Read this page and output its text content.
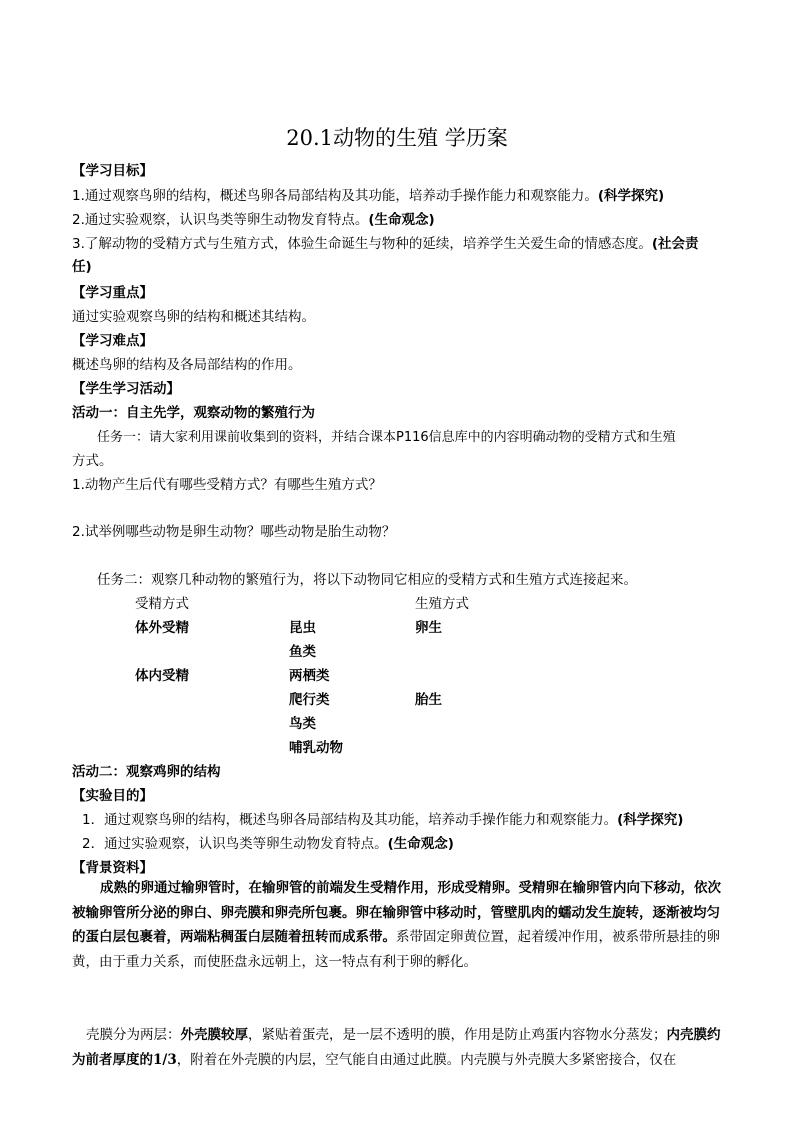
20.1动物的生殖 学历案
【学习目标】
1.通过观察鸟卵的结构，概述鸟卵各局部结构及其功能，培养动手操作能力和观察能力。(科学探究)
2.通过实验观察，认识鸟类等卵生动物发育特点。(生命观念)
3.了解动物的受精方式与生殖方式，体验生命诞生与物种的延续，培养学生关爱生命的情感态度。(社会责
任)
【学习重点】
通过实验观察鸟卵的结构和概述其结构。
【学习难点】
概述鸟卵的结构及各局部结构的作用。
【学生学习活动】
活动一：自主先学，观察动物的繁殖行为
任务一：请大家利用课前收集到的资料，并结合课本P116信息库中的内容明确动物的受精方式和生殖
方式。
1.动物产生后代有哪些受精方式？有哪些生殖方式？
2.试举例哪些动物是卵生动物？哪些动物是胎生动物？
任务二：观察几种动物的繁殖行为，将以下动物同它相应的受精方式和生殖方式连接起来。
受精方式	生殖方式
体外受精
体内受精
昆虫
鱼类
两栖类
爬行类
鸟类
哺乳动物
卵生
胎生
活动二：观察鸡卵的结构
【实验目的】
1．通过观察鸟卵的结构，概述鸟卵各局部结构及其功能，培养动手操作能力和观察能力。(科学探究)
2．通过实验观察，认识鸟类等卵生动物发育特点。(生命观念)
【背景资料】
成熟的卵通过输卵管时，在输卵管的前端发生受精作用，形成受精卵。受精卵在输卵管内向下移动，依次被输卵管所分泌的卵白、卵壳膜和卵壳所包裹。卵在输卵管中移动时，管壁肌肉的蠕动发生旋转，逐渐被均匀的蛋白层包裹着，两端粘稠蛋白层随着扭转而成系带。系带固定卵黄位置，起着缓冲作用，被系带所悬挂的卵黄，由于重力关系，而使胚盘永远朝上，这一特点有利于卵的孵化。
壳膜分为两层：外壳膜较厚，紧贴着蛋壳，是一层不透明的膜，作用是防止鸡蛋内容物水分蒸发；内壳膜约为前者厚度的1/3，附着在外壳膜的内层，空气能自由通过此膜。内壳膜与外壳膜大多紧密接合，仅在
